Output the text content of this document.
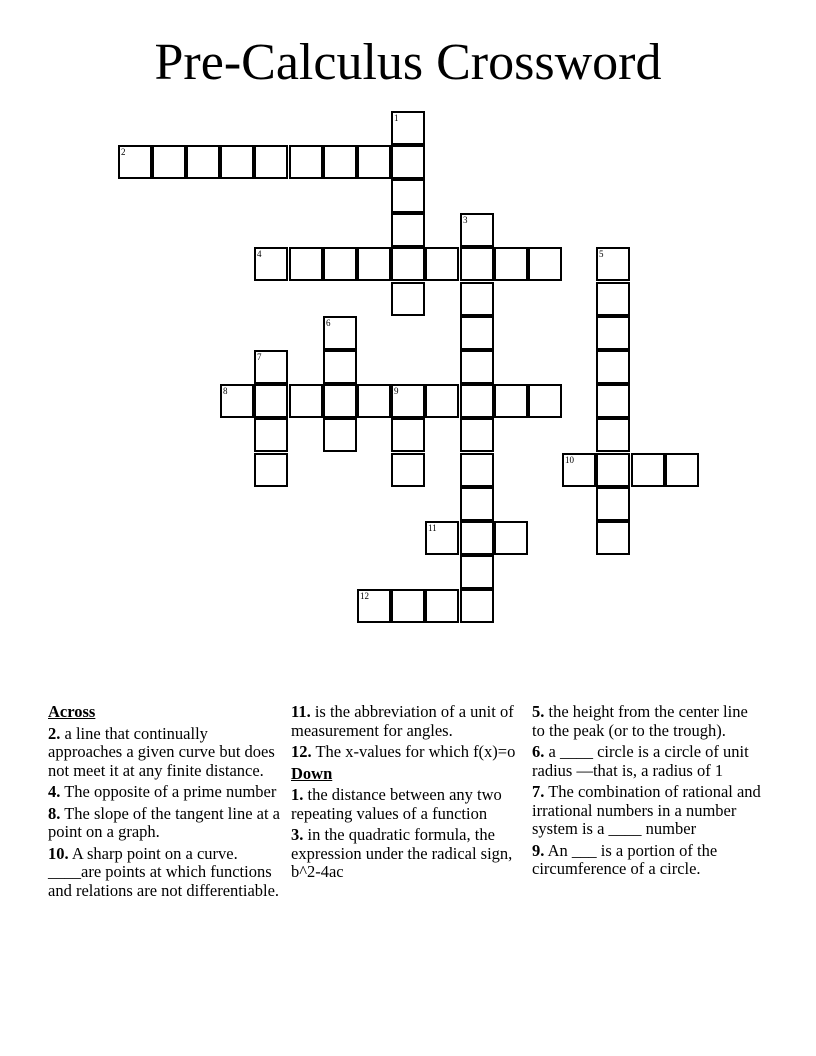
Pre-Calculus Crossword
1
2
3
4	5
6
7
8	9
10
11
12
Across
2. a line that continually approaches a given curve but does not meet it at any finite distance.
4. The opposite of a prime number
8. The slope of the tangent line at a point on a graph.
10. A sharp point on a curve. ____are points at which functions and relations are not differentiable.
11. is the abbreviation of a unit of measurement for angles.
12. The x-values for which f(x)=o
Down
1. the distance between any two repeating values of a function
3. in the quadratic formula, the expression under the radical sign, b^2-4ac
5. the height from the center line to the peak (or to the trough).
6. a ____ circle is a circle of unit radius —that is, a radius of 1
7. The combination of rational and irrational numbers in a number system is a ____ number
9. An ___ is a portion of the circumference of a circle.
